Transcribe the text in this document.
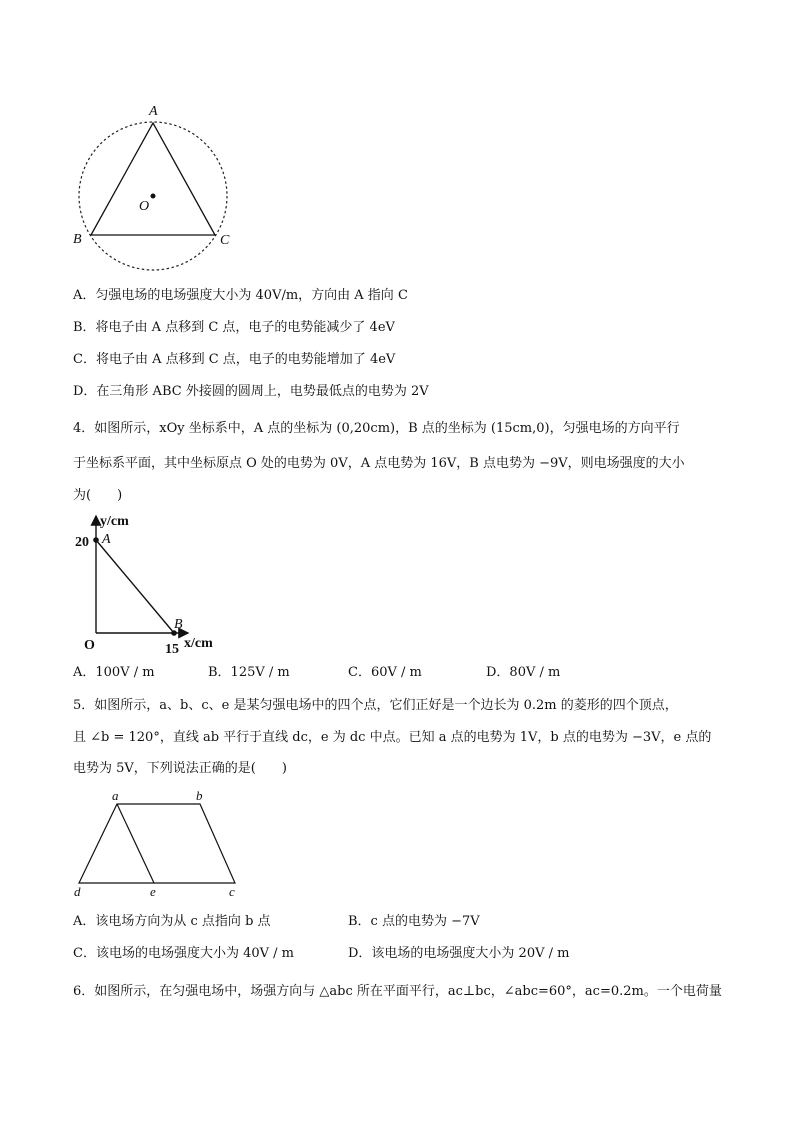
A
B	C
O
A．匀强电场的电场强度大小为 40V/m，方向由 A 指向 C
B．将电子由 A 点移到 C 点，电子的电势能减少了 4eV
C．将电子由 A 点移到 C 点，电子的电势能增加了 4eV
D．在三角形 ABC 外接圆的圆周上，电势最低点的电势为 2V
4．如图所示，xOy 坐标系中，A 点的坐标为 (0,20cm)，B 点的坐标为 (15cm,0)，匀强电场的方向平行
于坐标系平面，其中坐标原点 O 处的电势为 0V，A 点电势为 16V，B 点电势为 −9V，则电场强度的大小
为(　　)
y/cm
x/cm
O
A
B
20
15
A．100V / m	B．125V / m	C．60V / m	D．80V / m
5．如图所示，a、b、c、e 是某匀强电场中的四个点，它们正好是一个边长为 0.2m 的菱形的四个顶点，
且 ∠b = 120°，直线 ab 平行于直线 dc，e 为 dc 中点。已知 a 点的电势为 1V，b 点的电势为 −3V，e 点的
电势为 5V，下列说法正确的是(　　)
a	b
c
d	e
A．该电场方向为从 c 点指向 b 点	B．c 点的电势为 −7V
C．该电场的电场强度大小为 40V / m	D．该电场的电场强度大小为 20V / m
6．如图所示，在匀强电场中，场强方向与 △abc 所在平面平行，ac⊥bc，∠abc=60°，ac=0.2m。一个电荷量
